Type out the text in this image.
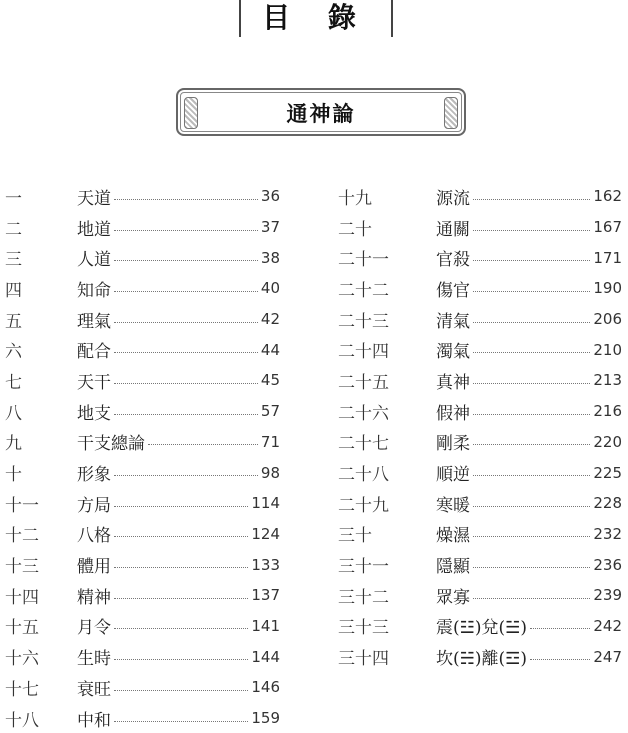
目 錄
通神論
一	天道	36
二	地道	37
三	人道	38
四	知命	40
五	理氣	42
六	配合	44
七	天干	45
八	地支	57
九	干支總論	71
十	形象	98
十一	方局	114
十二	八格	124
十三	體用	133
十四	精神	137
十五	月令	141
十六	生時	144
十七	衰旺	146
十八	中和	159
十九	源流	162
二十	通關	167
二十一	官殺	171
二十二	傷官	190
二十三	清氣	206
二十四	濁氣	210
二十五	真神	213
二十六	假神	216
二十七	剛柔	220
二十八	順逆	225
二十九	寒暖	228
三十	燥濕	232
三十一	隱顯	236
三十二	眾寡	239
三十三	震(☳)兌(☱)	242
三十四	坎(☵)離(☲)	247
